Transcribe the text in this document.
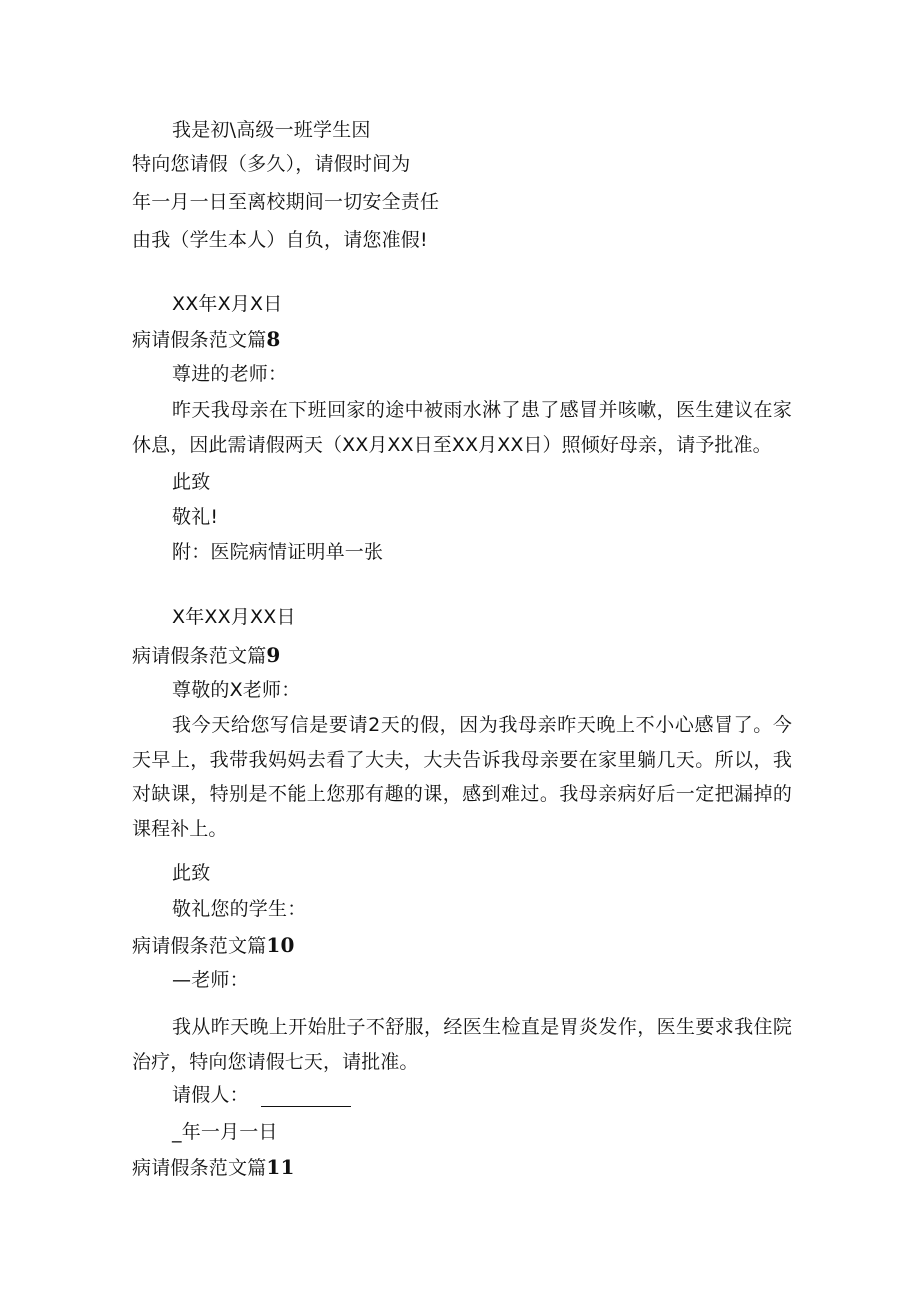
我是初\高级一班学生因
特向您请假（多久），请假时间为
年一月一日至离校期间一切安全责任
由我（学生本人）自负，请您准假!
XX年X月X日
病请假条范文篇8
尊进的老师：
昨天我母亲在下班回家的途中被雨水淋了患了感冒并咳嗽，医生建议在家休息，因此需请假两天（XX月XX日至XX月XX日）照倾好母亲，请予批准。
此致
敬礼!
附：医院病情证明单一张
X年XX月XX日
病请假条范文篇9
尊敬的X老师：
我今天给您写信是要请2天的假，因为我母亲昨天晚上不小心感冒了。今天早上，我带我妈妈去看了大夫，大夫告诉我母亲要在家里躺几天。所以，我对缺课，特别是不能上您那有趣的课，感到难过。我母亲病好后一定把漏掉的课程补上。
此致
敬礼您的学生：
病请假条范文篇10
—老师：
我从昨天晚上开始肚子不舒服，经医生检直是胃炎发作，医生要求我住院治疗，特向您请假七天，请批准。
请假人：
_年一月一日
病请假条范文篇11
